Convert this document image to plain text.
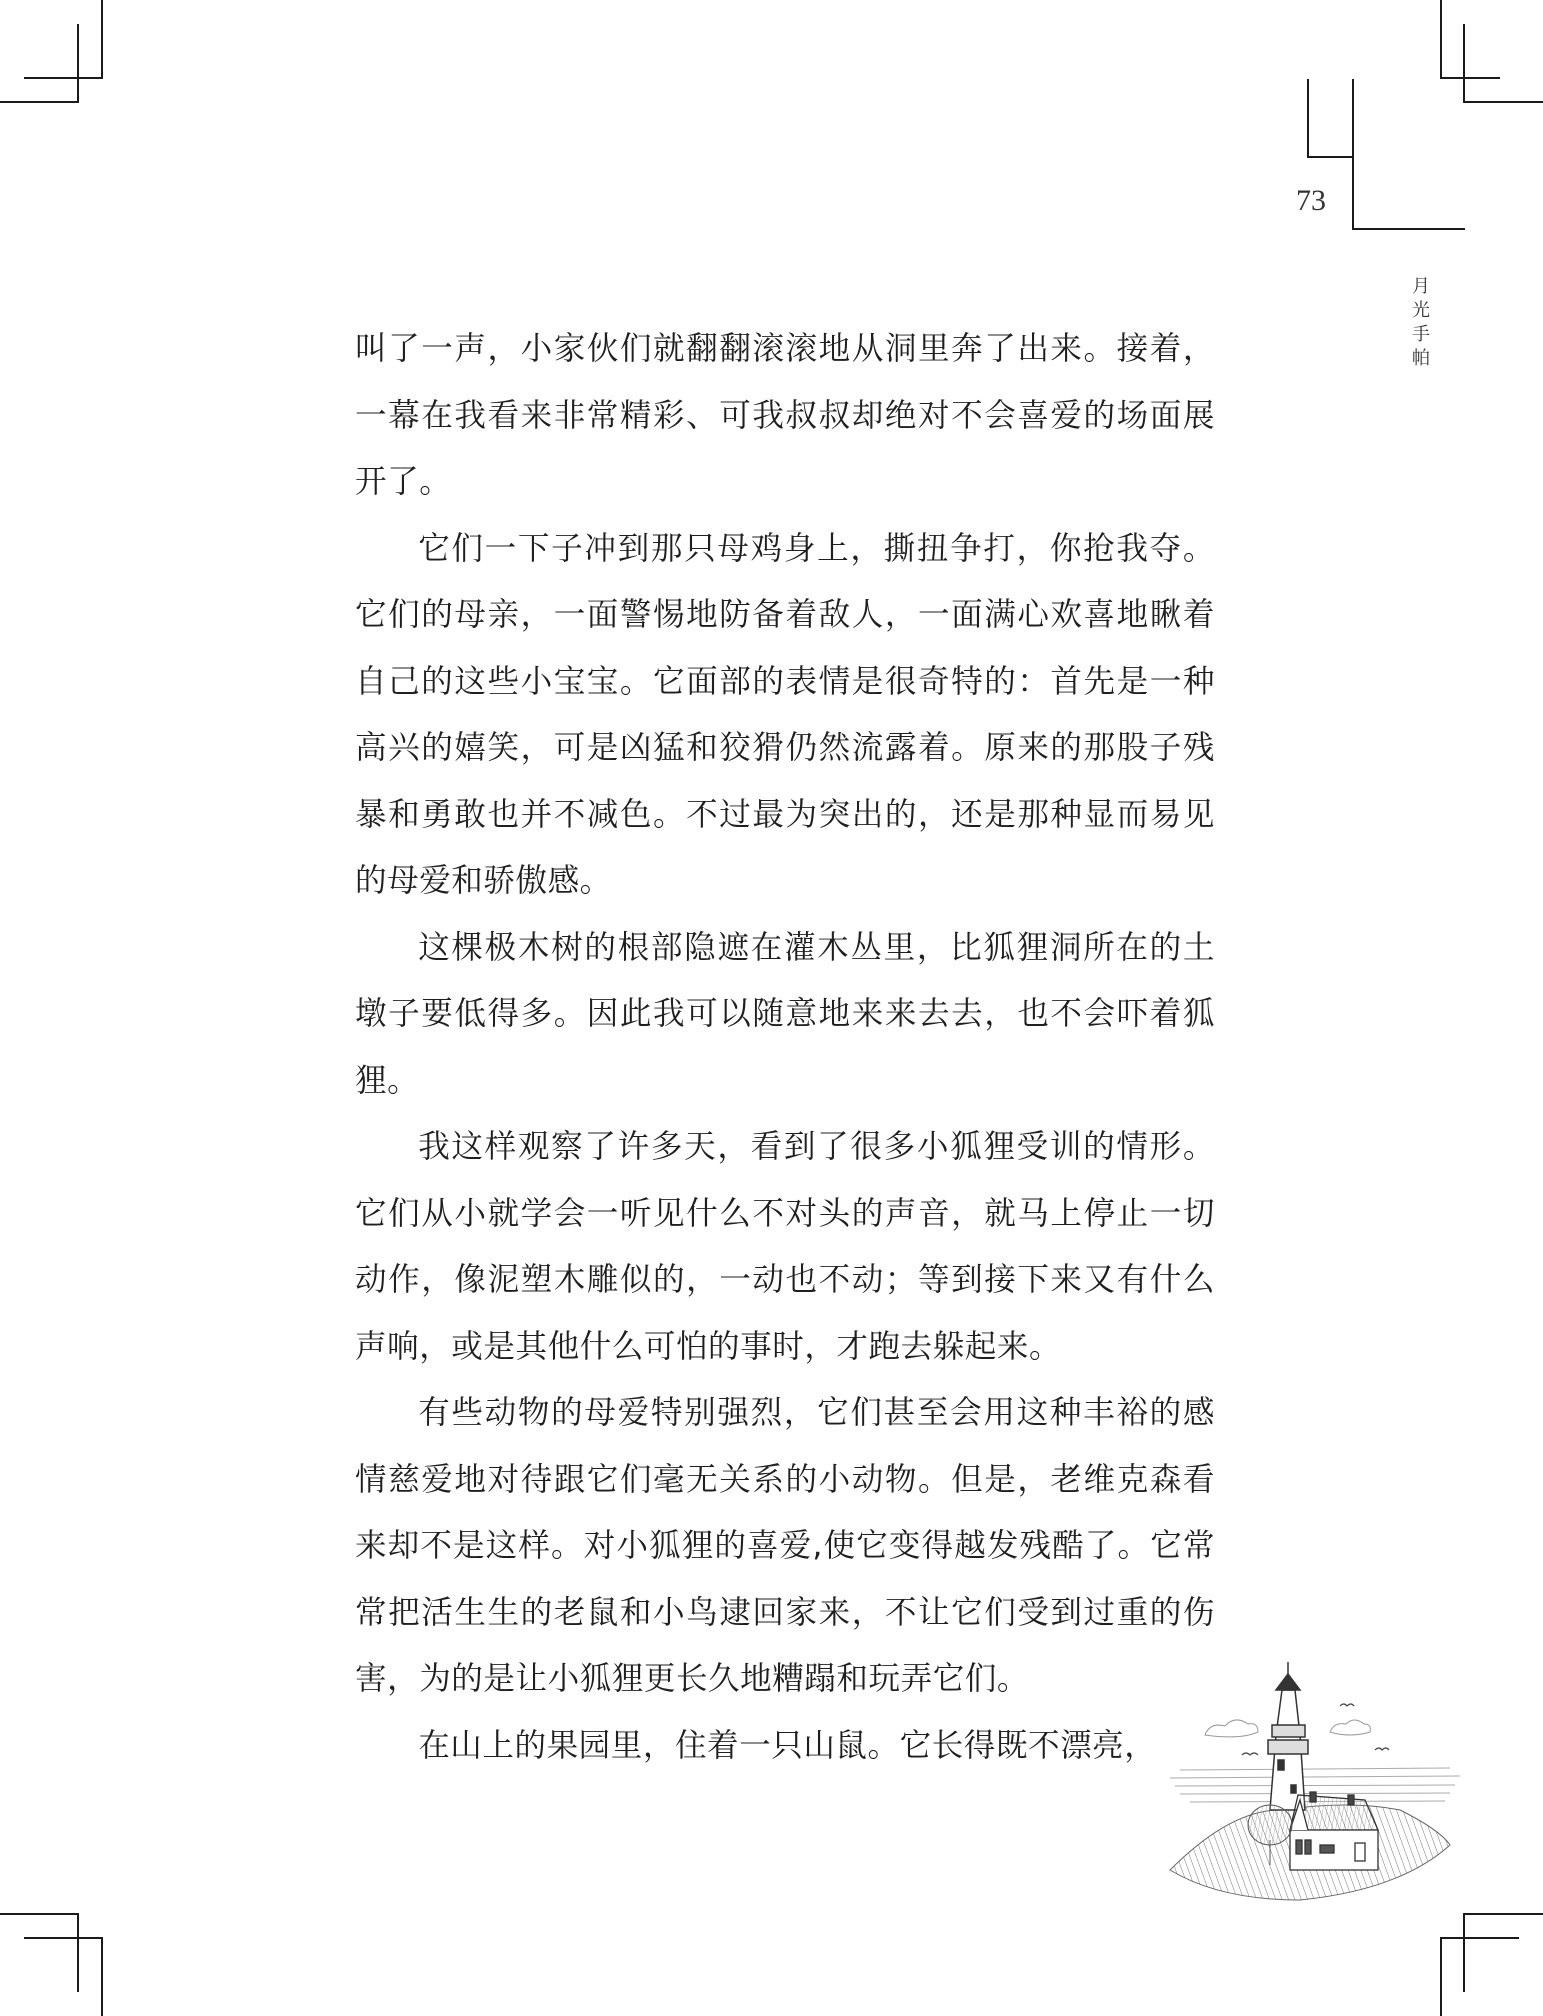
73
月
光
手
帕

叫了一声，小家伙们就翻翻滚滚地从洞里奔了出来。接着，一幕在我看来非常精彩、可我叔叔却绝对不会喜爱的场面展开了。

它们一下子冲到那只母鸡身上，撕扭争打，你抢我夺。它们的母亲，一面警惕地防备着敌人，一面满心欢喜地瞅着自己的这些小宝宝。它面部的表情是很奇特的：首先是一种高兴的嬉笑，可是凶猛和狡猾仍然流露着。原来的那股子残暴和勇敢也并不减色。不过最为突出的，还是那种显而易见的母爱和骄傲感。

这棵极木树的根部隐遮在灌木丛里，比狐狸洞所在的土墩子要低得多。因此我可以随意地来来去去，也不会吓着狐狸。

我这样观察了许多天，看到了很多小狐狸受训的情形。它们从小就学会一听见什么不对头的声音，就马上停止一切动作，像泥塑木雕似的，一动也不动；等到接下来又有什么声响，或是其他什么可怕的事时，才跑去躲起来。

有些动物的母爱特别强烈，它们甚至会用这种丰裕的感情慈爱地对待跟它们毫无关系的小动物。但是，老维克森看来却不是这样。对小狐狸的喜爱,使它变得越发残酷了。它常常把活生生的老鼠和小鸟逮回家来，不让它们受到过重的伤害，为的是让小狐狸更长久地糟蹋和玩弄它们。

在山上的果园里，住着一只山鼠。它长得既不漂亮，
